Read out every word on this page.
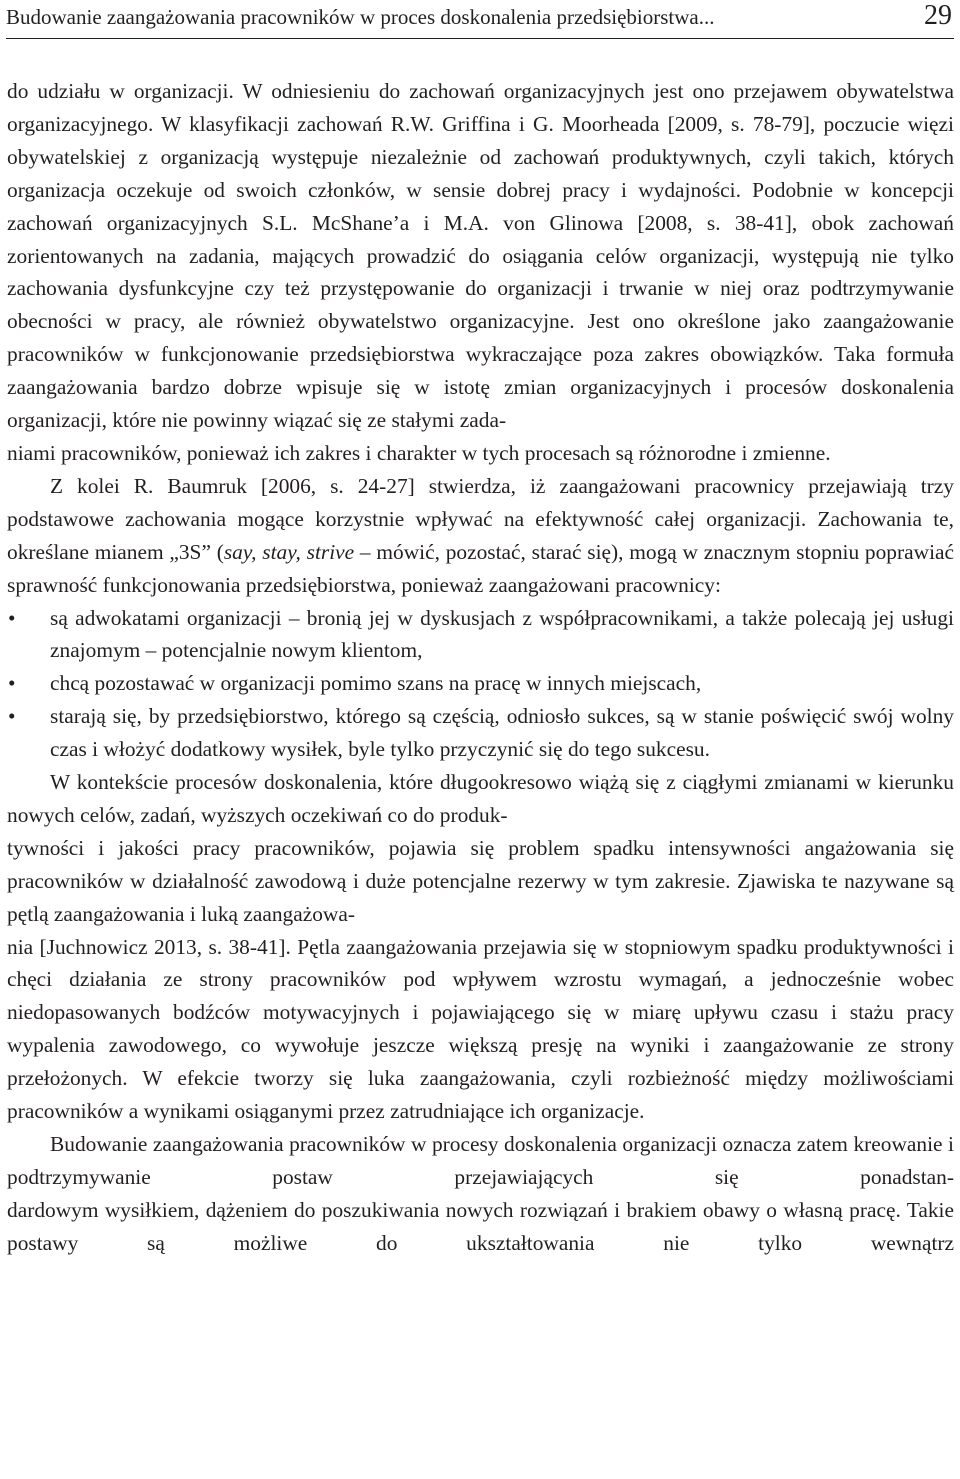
Budowanie zaangażowania pracowników w proces doskonalenia przedsiębiorstwa...	29

do udziału w organizacji. W odniesieniu do zachowań organizacyjnych jest ono przejawem obywatelstwa organizacyjnego. W klasyfikacji zachowań R.W. Griffina i G. Moorheada [2009, s. 78-79], poczucie więzi obywatelskiej z organizacją występuje niezależnie od zachowań produktywnych, czyli takich, których organizacja oczekuje od swoich członków, w sensie dobrej pracy i wydajności. Podobnie w koncepcji zachowań organizacyjnych S.L. McShane’a i M.A. von Glinowa [2008, s. 38-41], obok zachowań zorientowanych na zadania, mających prowadzić do osiągania celów organizacji, występują nie tylko zachowania dysfunkcyjne czy też przystępowanie do organizacji i trwanie w niej oraz podtrzymywanie obecności w pracy, ale również obywatelstwo organizacyjne. Jest ono określone jako zaangażowanie pracowników w funkcjonowanie przedsiębiorstwa wykraczające poza zakres obowiązków. Taka formuła zaangażowania bardzo dobrze wpisuje się w istotę zmian organizacyjnych i procesów doskonalenia organizacji, które nie powinny wiązać się ze stałymi zada-
niami pracowników, ponieważ ich zakres i charakter w tych procesach są różnorodne i zmienne.

Z kolei R. Baumruk [2006, s. 24-27] stwierdza, iż zaangażowani pracownicy przejawiają trzy podstawowe zachowania mogące korzystnie wpływać na efektywność całej organizacji. Zachowania te, określane mianem „3S” (say, stay, strive – mówić, pozostać, starać się), mogą w znacznym stopniu poprawiać sprawność funkcjonowania przedsiębiorstwa, ponieważ zaangażowani pracownicy:

• są adwokatami organizacji – bronią jej w dyskusjach z współpracownikami, a także polecają jej usługi znajomym – potencjalnie nowym klientom,
• chcą pozostawać w organizacji pomimo szans na pracę w innych miejscach,
• starają się, by przedsiębiorstwo, którego są częścią, odniosło sukces, są w stanie poświęcić swój wolny czas i włożyć dodatkowy wysiłek, byle tylko przyczynić się do tego sukcesu.

W kontekście procesów doskonalenia, które długookresowo wiążą się z ciągłymi zmianami w kierunku nowych celów, zadań, wyższych oczekiwań co do produk-
tywności i jakości pracy pracowników, pojawia się problem spadku intensywności angażowania się pracowników w działalność zawodową i duże potencjalne rezerwy w tym zakresie. Zjawiska te nazywane są pętlą zaangażowania i luką zaangażowa-
nia [Juchnowicz 2013, s. 38-41]. Pętla zaangażowania przejawia się w stopniowym spadku produktywności i chęci działania ze strony pracowników pod wpływem wzrostu wymagań, a jednocześnie wobec niedopasowanych bodźców motywacyjnych i pojawiającego się w miarę upływu czasu i stażu pracy wypalenia zawodowego, co wywołuje jeszcze większą presję na wyniki i zaangażowanie ze strony przełożonych. W efekcie tworzy się luka zaangażowania, czyli rozbieżność między możliwościami pracowników a wynikami osiąganymi przez zatrudniające ich organizacje.

Budowanie zaangażowania pracowników w procesy doskonalenia organizacji oznacza zatem kreowanie i podtrzymywanie postaw przejawiających się ponadstan-
dardowym wysiłkiem, dążeniem do poszukiwania nowych rozwiązań i brakiem obawy o własną pracę. Takie postawy są możliwe do ukształtowania nie tylko wewnątrz
